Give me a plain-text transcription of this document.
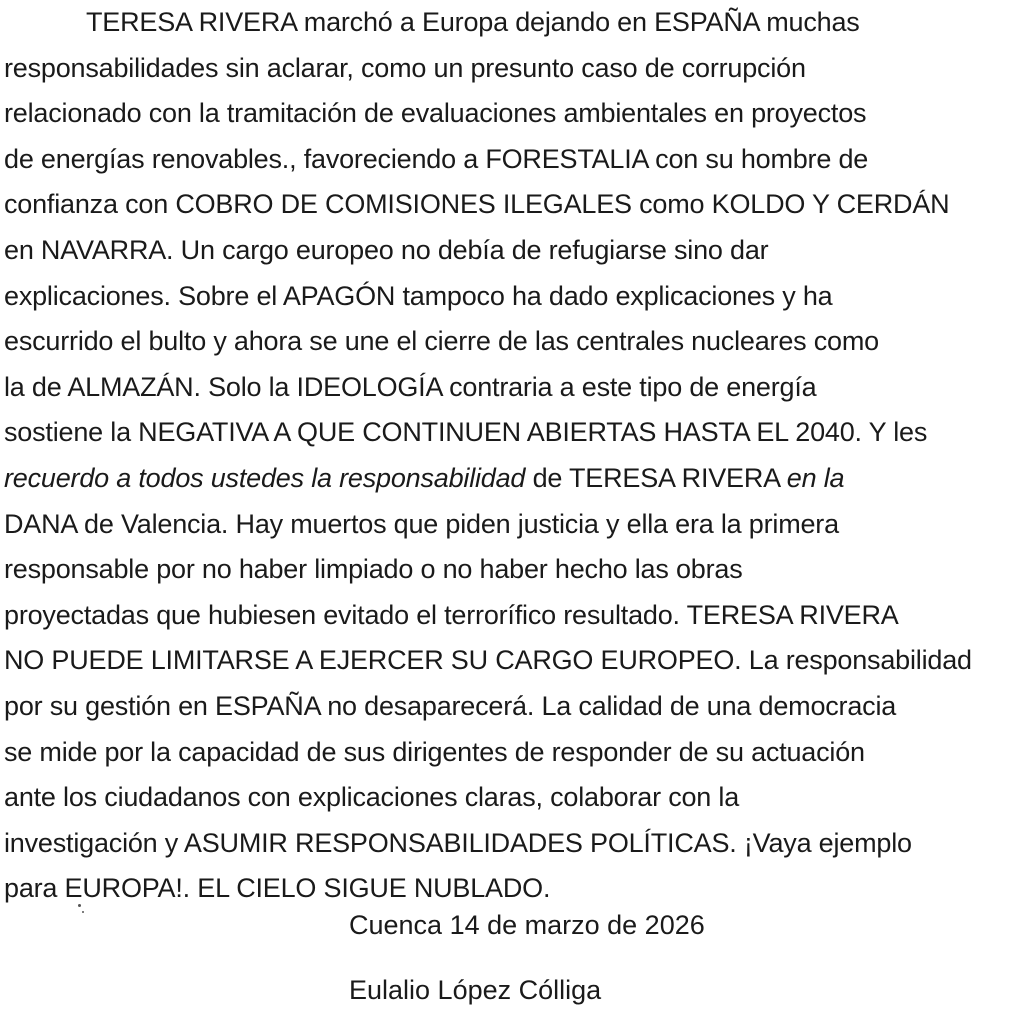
TERESA RIVERA marchó a Europa dejando en ESPAÑA muchas
responsabilidades sin aclarar, como un presunto caso de corrupción
relacionado con la tramitación de evaluaciones ambientales en proyectos
de energías renovables., favoreciendo a FORESTALIA con su hombre de
confianza con COBRO DE COMISIONES ILEGALES como KOLDO Y CERDÁN
en NAVARRA. Un cargo europeo no debía de refugiarse sino dar
explicaciones. Sobre el APAGÓN tampoco ha dado explicaciones y ha
escurrido el bulto y ahora se une el cierre de las centrales nucleares como
la de ALMAZÁN. Solo la IDEOLOGÍA contraria a este tipo de energía
sostiene la NEGATIVA A QUE CONTINUEN ABIERTAS HASTA EL 2040. Y les
recuerdo a todos ustedes la responsabilidad de TERESA RIVERA en la
DANA de Valencia. Hay muertos que piden justicia y ella era la primera
responsable por no haber limpiado o no haber hecho las obras
proyectadas que hubiesen evitado el terrorífico resultado. TERESA RIVERA
NO PUEDE LIMITARSE A EJERCER SU CARGO EUROPEO. La responsabilidad
por su gestión en ESPAÑA no desaparecerá. La calidad de una democracia
se mide por la capacidad de sus dirigentes de responder de su actuación
ante los ciudadanos con explicaciones claras, colaborar con la
investigación y ASUMIR RESPONSABILIDADES POLÍTICAS. ¡Vaya ejemplo
para EUROPA!. EL CIELO SIGUE NUBLADO.

Cuenca 14 de marzo de 2026

Eulalio López Cólliga
